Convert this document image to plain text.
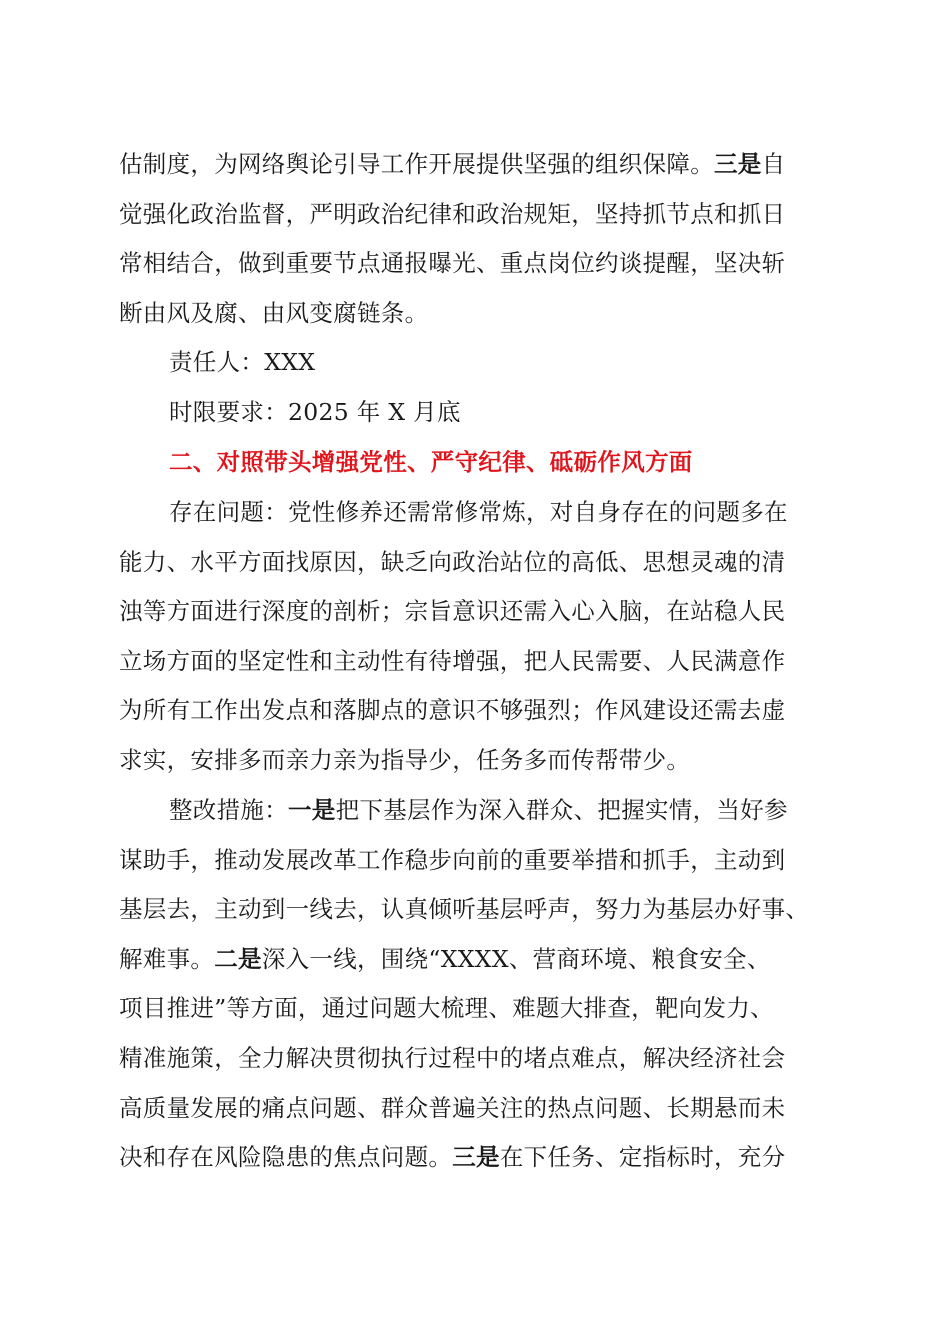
估制度，为网络舆论引导工作开展提供坚强的组织保障。三是自
觉强化政治监督，严明政治纪律和政治规矩，坚持抓节点和抓日
常相结合，做到重要节点通报曝光、重点岗位约谈提醒，坚决斩
断由风及腐、由风变腐链条。
责任人：XXX
时限要求：2025 年 X 月底
二、对照带头增强党性、严守纪律、砥砺作风方面
存在问题：党性修养还需常修常炼，对自身存在的问题多在
能力、水平方面找原因，缺乏向政治站位的高低、思想灵魂的清
浊等方面进行深度的剖析；宗旨意识还需入心入脑，在站稳人民
立场方面的坚定性和主动性有待增强，把人民需要、人民满意作
为所有工作出发点和落脚点的意识不够强烈；作风建设还需去虚
求实，安排多而亲力亲为指导少，任务多而传帮带少。
整改措施：一是把下基层作为深入群众、把握实情，当好参
谋助手，推动发展改革工作稳步向前的重要举措和抓手，主动到
基层去，主动到一线去，认真倾听基层呼声，努力为基层办好事、
解难事。二是深入一线，围绕“XXXX、营商环境、粮食安全、
项目推进”等方面，通过问题大梳理、难题大排查，靶向发力、
精准施策，全力解决贯彻执行过程中的堵点难点，解决经济社会
高质量发展的痛点问题、群众普遍关注的热点问题、长期悬而未
决和存在风险隐患的焦点问题。三是在下任务、定指标时，充分
